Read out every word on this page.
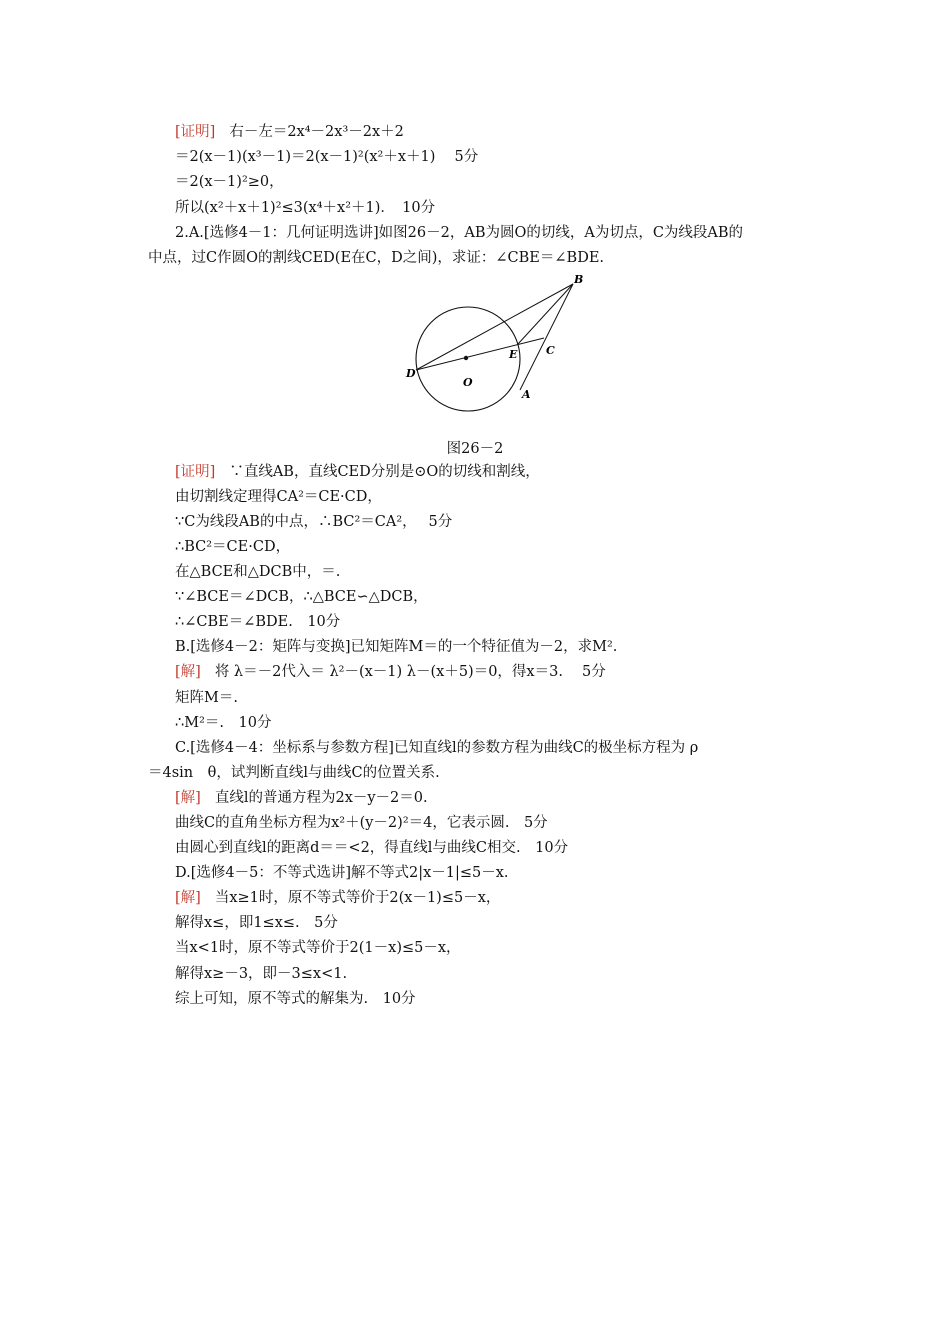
[证明] 右－左＝2x⁴－2x³－2x＋2
＝2(x－1)(x³－1)＝2(x－1)²(x²＋x＋1)　 5分
＝2(x－1)²≥0，
所以(x²＋x＋1)²≤3(x⁴＋x²＋1)．　10分
2.A.[选修4－1：几何证明选讲]如图26－2，AB为圆O的切线，A为切点，C为线段AB的
中点，过C作圆O的割线CED(E在C，D之间)，求证：∠CBE＝∠BDE.
B
C
E
D
O
A
图26－2
[证明] ∵直线AB，直线CED分别是⊙O的切线和割线，
由切割线定理得CA²＝CE·CD，
∵C为线段AB的中点，∴BC²＝CA²，　 5分
∴BC²＝CE·CD，
在△BCE和△DCB中，＝.
∵∠BCE＝∠DCB，∴△BCE∽△DCB，
∴∠CBE＝∠BDE.　10分
B.[选修4－2：矩阵与变换]已知矩阵M＝的一个特征值为－2，求M².
[解] 将 λ＝－2代入＝ λ²－(x－1) λ－(x＋5)＝0，得x＝3.　 5分
矩阵M＝.
∴M²＝.　10分
C.[选修4－4：坐标系与参数方程]已知直线l的参数方程为曲线C的极坐标方程为 ρ
＝4sin　θ，试判断直线l与曲线C的位置关系.
[解] 直线l的普通方程为2x－y－2＝0.
曲线C的直角坐标方程为x²＋(y－2)²＝4，它表示圆.　5分
由圆心到直线l的距离d＝＝<2，得直线l与曲线C相交.　10分
D.[选修4－5：不等式选讲]解不等式2|x－1|≤5－x.
[解] 当x≥1时，原不等式等价于2(x－1)≤5－x，
解得x≤，即1≤x≤.　5分
当x<1时，原不等式等价于2(1－x)≤5－x，
解得x≥－3，即－3≤x<1.
综上可知，原不等式的解集为.　10分
